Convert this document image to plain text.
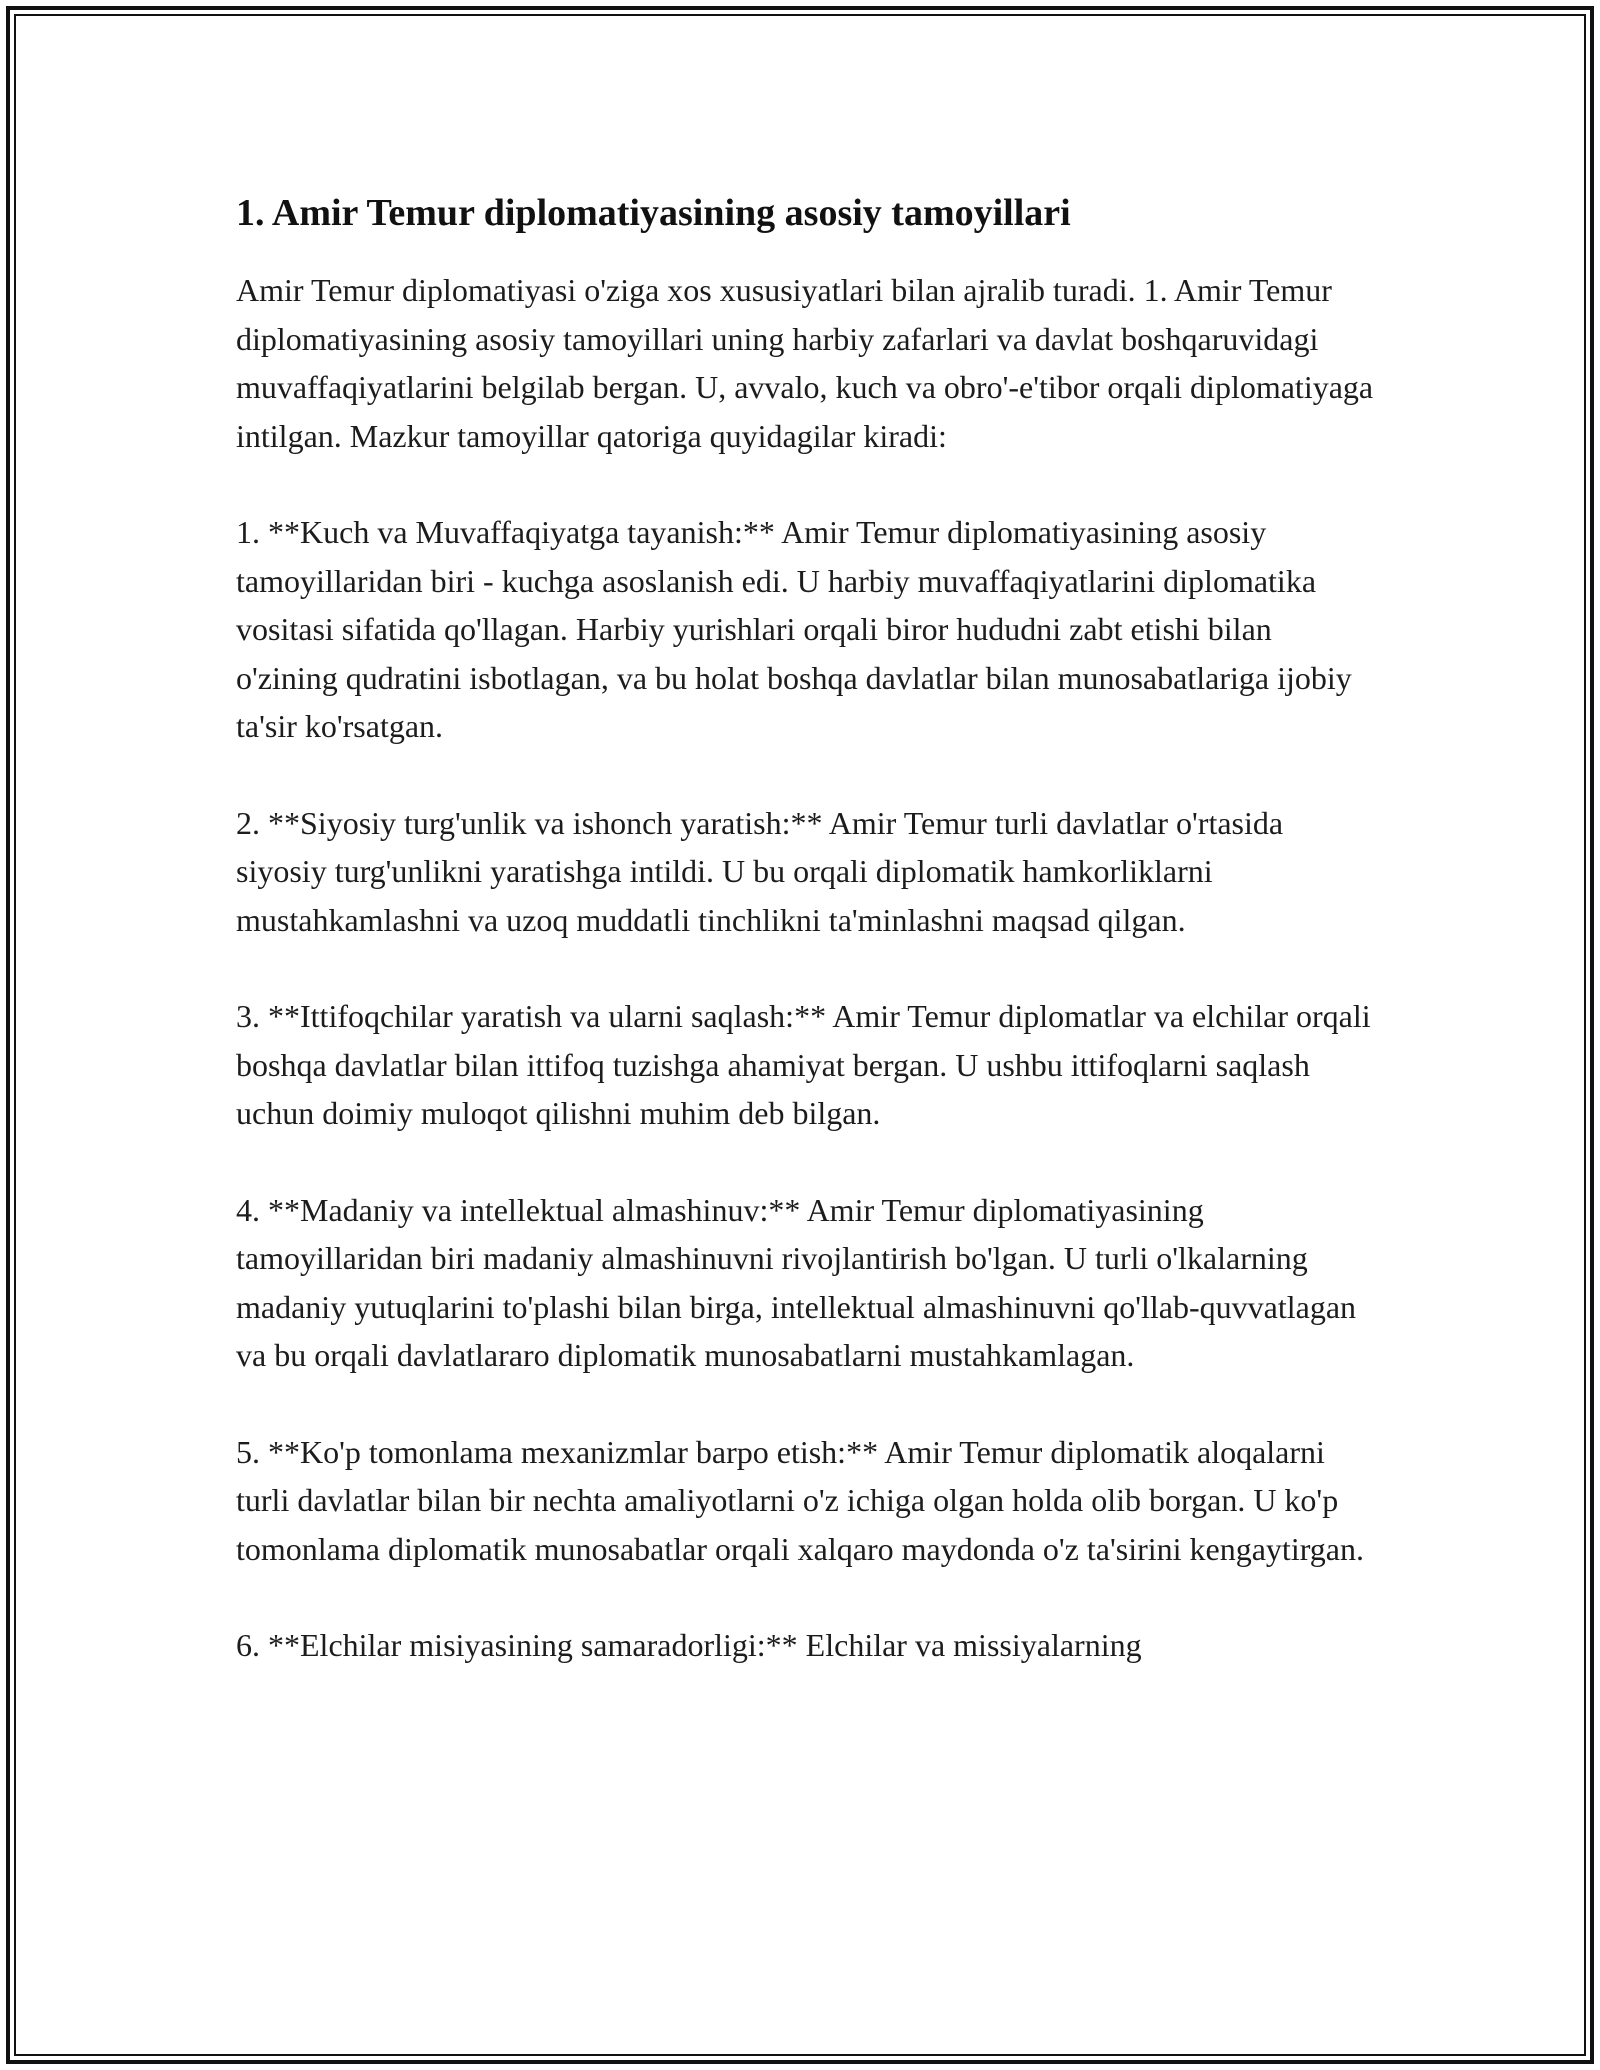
1. Amir Temur diplomatiyasining asosiy tamoyillari

Amir Temur diplomatiyasi o'ziga xos xususiyatlari bilan ajralib turadi. 1. Amir Temur diplomatiyasining asosiy tamoyillari uning harbiy zafarlari va davlat boshqaruvidagi muvaffaqiyatlarini belgilab bergan. U, avvalo, kuch va obro'-e'tibor orqali diplomatiyaga intilgan. Mazkur tamoyillar qatoriga quyidagilar kiradi:

1. **Kuch va Muvaffaqiyatga tayanish:** Amir Temur diplomatiyasining asosiy tamoyillaridan biri - kuchga asoslanish edi. U harbiy muvaffaqiyatlarini diplomatika vositasi sifatida qo'llagan. Harbiy yurishlari orqali biror hududni zabt etishi bilan o'zining qudratini isbotlagan, va bu holat boshqa davlatlar bilan munosabatlariga ijobiy ta'sir ko'rsatgan.

2. **Siyosiy turg'unlik va ishonch yaratish:** Amir Temur turli davlatlar o'rtasida siyosiy turg'unlikni yaratishga intildi. U bu orqali diplomatik hamkorliklarni mustahkamlashni va uzoq muddatli tinchlikni ta'minlashni maqsad qilgan.

3. **Ittifoqchilar yaratish va ularni saqlash:** Amir Temur diplomatlar va elchilar orqali boshqa davlatlar bilan ittifoq tuzishga ahamiyat bergan. U ushbu ittifoqlarni saqlash uchun doimiy muloqot qilishni muhim deb bilgan.

4. **Madaniy va intellektual almashinuv:** Amir Temur diplomatiyasining tamoyillaridan biri madaniy almashinuvni rivojlantirish bo'lgan. U turli o'lkalarning madaniy yutuqlarini to'plashi bilan birga, intellektual almashinuvni qo'llab-quvvatlagan va bu orqali davlatlararo diplomatik munosabatlarni mustahkamlagan.

5. **Ko'p tomonlama mexanizmlar barpo etish:** Amir Temur diplomatik aloqalarni turli davlatlar bilan bir nechta amaliyotlarni o'z ichiga olgan holda olib borgan. U ko'p tomonlama diplomatik munosabatlar orqali xalqaro maydonda o'z ta'sirini kengaytirgan.

6. **Elchilar misiyasining samaradorligi:** Elchilar va missiyalarning
